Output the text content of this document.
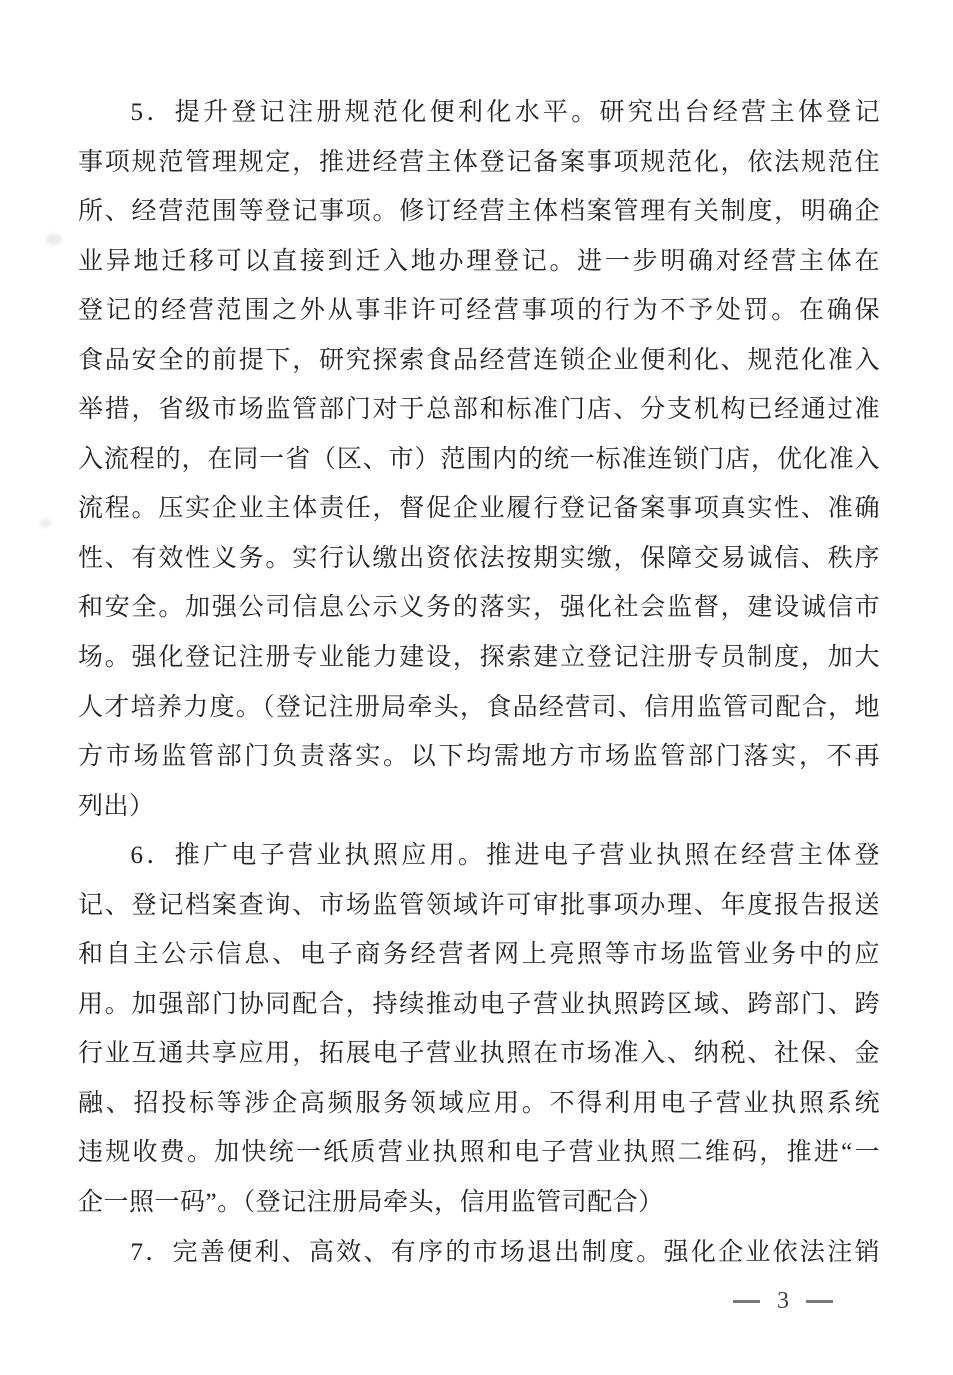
5．提升登记注册规范化便利化水平。研究出台经营主体登记
事项规范管理规定，推进经营主体登记备案事项规范化，依法规范住
所、经营范围等登记事项。修订经营主体档案管理有关制度，明确企
业异地迁移可以直接到迁入地办理登记。进一步明确对经营主体在
登记的经营范围之外从事非许可经营事项的行为不予处罚。在确保
食品安全的前提下，研究探索食品经营连锁企业便利化、规范化准入
举措，省级市场监管部门对于总部和标准门店、分支机构已经通过准
入流程的，在同一省（区、市）范围内的统一标准连锁门店，优化准入
流程。压实企业主体责任，督促企业履行登记备案事项真实性、准确
性、有效性义务。实行认缴出资依法按期实缴，保障交易诚信、秩序
和安全。加强公司信息公示义务的落实，强化社会监督，建设诚信市
场。强化登记注册专业能力建设，探索建立登记注册专员制度，加大
人才培养力度。（登记注册局牵头，食品经营司、信用监管司配合，地
方市场监管部门负责落实。以下均需地方市场监管部门落实，不再
列出）
6．推广电子营业执照应用。推进电子营业执照在经营主体登
记、登记档案查询、市场监管领域许可审批事项办理、年度报告报送
和自主公示信息、电子商务经营者网上亮照等市场监管业务中的应
用。加强部门协同配合，持续推动电子营业执照跨区域、跨部门、跨
行业互通共享应用，拓展电子营业执照在市场准入、纳税、社保、金
融、招投标等涉企高频服务领域应用。不得利用电子营业执照系统
违规收费。加快统一纸质营业执照和电子营业执照二维码，推进“一
企一照一码”。（登记注册局牵头，信用监管司配合）
7．完善便利、高效、有序的市场退出制度。强化企业依法注销
3
